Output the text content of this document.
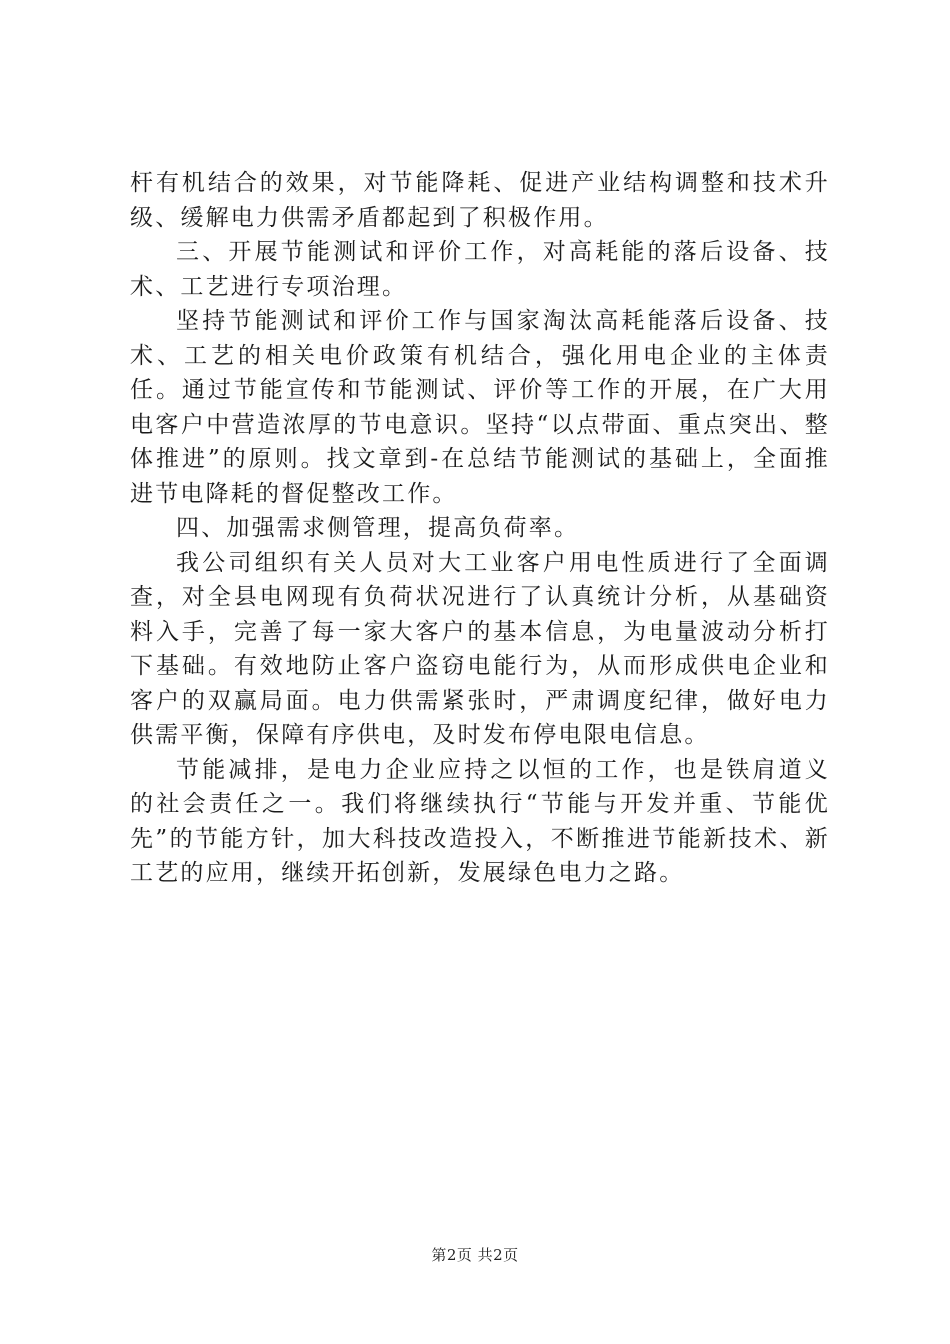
杆有机结合的效果，对节能降耗、促进产业结构调整和技术升级、缓解电力供需矛盾都起到了积极作用。

三、开展节能测试和评价工作，对高耗能的落后设备、技术、工艺进行专项治理。

坚持节能测试和评价工作与国家淘汰高耗能落后设备、技术、工艺的相关电价政策有机结合，强化用电企业的主体责任。通过节能宣传和节能测试、评价等工作的开展，在广大用电客户中营造浓厚的节电意识。坚持“以点带面、重点突出、整体推进”的原则。找文章到-在总结节能测试的基础上，全面推进节电降耗的督促整改工作。

四、加强需求侧管理，提高负荷率。

我公司组织有关人员对大工业客户用电性质进行了全面调查，对全县电网现有负荷状况进行了认真统计分析，从基础资料入手，完善了每一家大客户的基本信息，为电量波动分析打下基础。有效地防止客户盗窃电能行为，从而形成供电企业和客户的双赢局面。电力供需紧张时，严肃调度纪律，做好电力供需平衡，保障有序供电，及时发布停电限电信息。

节能减排，是电力企业应持之以恒的工作，也是铁肩道义的社会责任之一。我们将继续执行“节能与开发并重、节能优先”的节能方针，加大科技改造投入，不断推进节能新技术、新工艺的应用，继续开拓创新，发展绿色电力之路。

第2页 共2页
